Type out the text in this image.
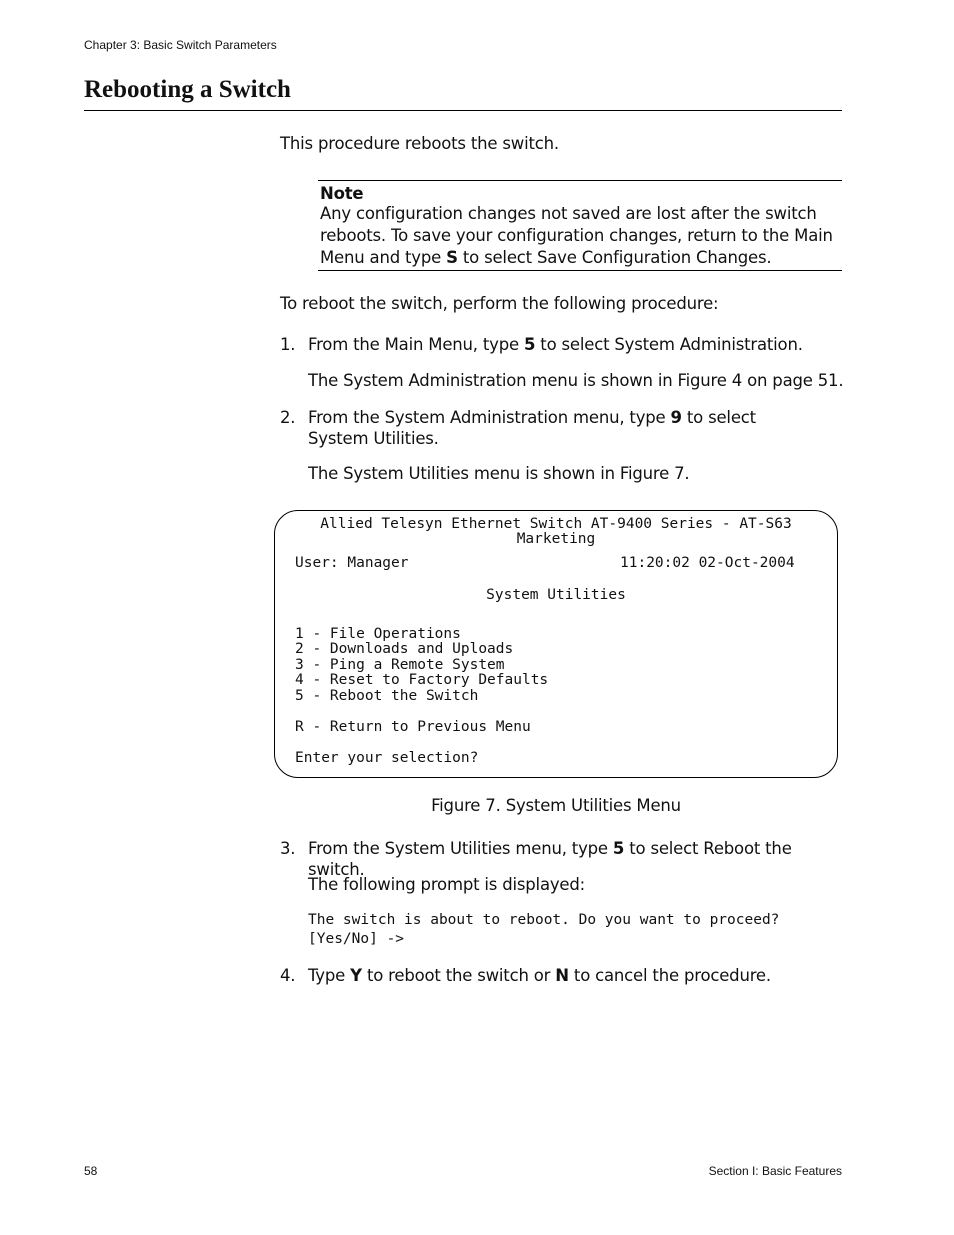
Chapter 3: Basic Switch Parameters
Rebooting a Switch
This procedure reboots the switch.
Note
Any configuration changes not saved are lost after the switch reboots. To save your configuration changes, return to the Main Menu and type S to select Save Configuration Changes.
To reboot the switch, perform the following procedure:
1. From the Main Menu, type 5 to select System Administration.
The System Administration menu is shown in Figure 4 on page 51.
2. From the System Administration menu, type 9 to select System Utilities.
The System Utilities menu is shown in Figure 7.
Allied Telesyn Ethernet Switch AT-9400 Series - AT-S63
Marketing
User: Manager	11:20:02 02-Oct-2004
System Utilities
1 - File Operations
2 - Downloads and Uploads
3 - Ping a Remote System
4 - Reset to Factory Defaults
5 - Reboot the Switch
R - Return to Previous Menu
Enter your selection?
Figure 7. System Utilities Menu
3. From the System Utilities menu, type 5 to select Reboot the switch.
The following prompt is displayed:
The switch is about to reboot. Do you want to proceed?
[Yes/No] ->
4. Type Y to reboot the switch or N to cancel the procedure.
58	Section I: Basic Features
